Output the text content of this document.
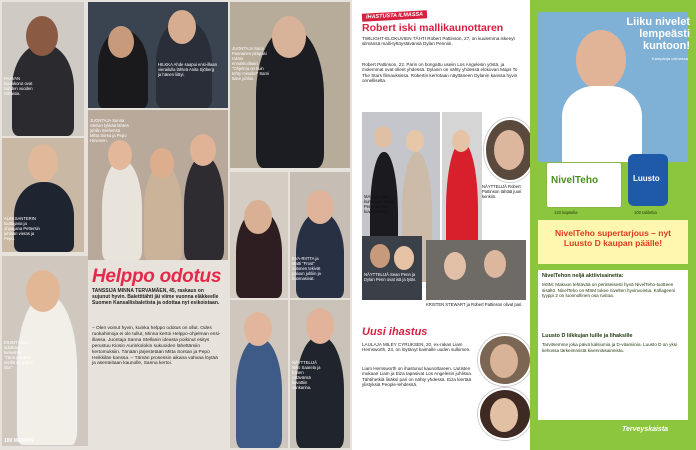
PAAVAN kaulakorut ovat kahden vuoden mittaisia.
HILKKA Ahde saapui ensi-illaan vierailulla lähteä Anita Sjöberg ja hänen liittyi.
JUONTAJA Sami Paananen pimpasi raksin ennakkoiltaan. "Ohjelma on kuin tehty minulle!" Sami tulee juhliin.
ALEKSANTERIN tuottajana ja ohjaajana Pettersin juhlaan vieras ja Pepo.
JUONTAJA Sanna Stellan tykkää lähteä juhliin miehensä Mitta Sorsa ja Pepo Hirvonen.
EVA-RIITTA ja Matti "Frost" Siitonen tekivät paluun juhliin ja huomasivat.
Helppo odotus
TANSSIJA MINNA TERVAMÄEN, 45, raskaus on sujunut hyvin. Balettitähti jäi viime vuonna eläkkeelle Suomen Kansallisbaletista ja odottaa nyt esikoistaan.
– Olen voinut hyvin, kuinka helppo odotus on ollut. Odes ruokahimoja ei ole tullut, Minna kertoi Helppo-ohjelman ensi-illassa. Juontaja Sanna Stellanin ideasta poikinut esitys perustuu Kiosin Aurinkolokin sukuoiden lähettämiin kertomuksiin. Tänään järjestetään Mitta Sorsan ja Pepo Heikkilän kanssa. – Tämän prosessin aikana vahvaa löytää ja asenteitaan kaunolle, Sanna kertoi.
ESIINTYJÄN odottava tunnelma: "Tänä päivänä meillä on paljon iloa."
NÄYTTELIJÄ Niko Saarela ja hänen ystävänsä kuvattiin sankarina.
100 MENAIS
IHASTUSTA ILMASSA
Robert iski mallikaunottaren
TWILIGHT-ELOKUVIEN TÄHTI Robert Pattinson, 27, on kuulemma iskenyt silmänsä malli-tyttöystävänsä Dylan Penniin.
Robert Pattinson, 22. Parin on bongattu useiin Los Angelesin yöstä, ja molemmat ovat olleet yhdessä. Dylanin on nähty yhdessä elokuvan Maps To The Stars filmauksissa. Robertin kerrotaan näyttäneen Dylanin kanssa hyvin onnelliselta.
MALLIN uusi kumppani Dylan Penn asettui kuvattavaksi.
NÄYTTELIJÄ Robert Pattinson tähtää juuri kenkiin.
NÄYTTELIJÄ Sean Penn ja Dylan Penn ovat isä ja tytär.
KRISTEN STEWART ja Robert Pattinson olivat pari.
Uusi ihastus
LAULAJA MILEY CYRUKSEN, 20, ex-rakas Liam Hemsworth, 23, on löytänyt kaimalle uuden sulkimen.
Liam Hemsworth on ihastunut kaunottareen. Uutisten mukaan Liam ja Eiza tapasivat Los Angelesin juhlissa. Tähtihetkiä lisäksi pari on nähty yhdessä. Eiza kiertää ylistyksiä People-lehdessä.
Liiku nivelet lempeästi kuntoon!
Kampanja voimassa
NivelTeho	Luusto
120 kapselia	100 tablettia
NivelTeho supertarjous – nyt Luusto D kaupan päälle!
NivelTehon neljä aktiivisainetta:
MSM: Makuun tehtävää on perinteisesti hyvä NivelTeho-tuotteen sisältö. NivelTeho on MSM tukee nivelten hyvinvointia. Kollageeni tyyppi 2 on luonnollinen osa rustoa.
Luusto D liikkujan luille ja lihaksille
Tarvitsemme joka päivä kalsiumia ja D-vitamiinia. Luusto D on yksi kehossa tärkeimmistä kivennäisaineista.
Terveyskaista
